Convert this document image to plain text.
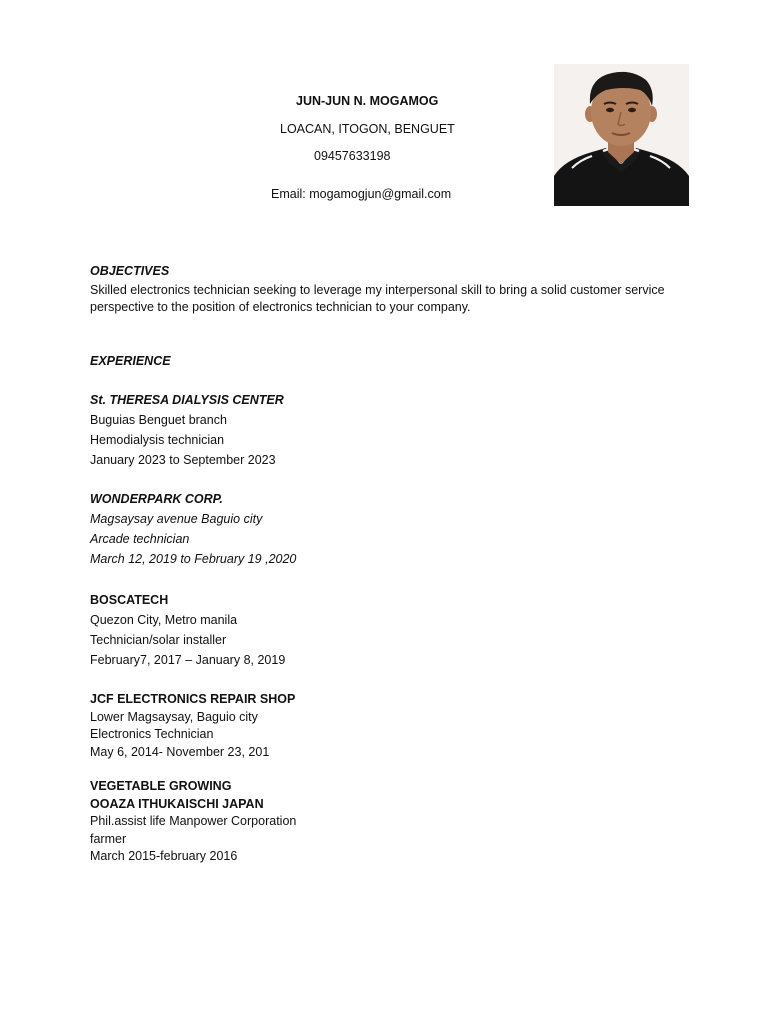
JUN-JUN N. MOGAMOG
LOACAN, ITOGON, BENGUET
09457633198
Email: mogamogjun@gmail.com
OBJECTIVES
Skilled electronics technician seeking to leverage my interpersonal skill to bring a solid customer service perspective to the position of electronics technician to your company.
EXPERIENCE
St. THERESA DIALYSIS CENTER
Buguias Benguet branch
Hemodialysis technician
January 2023 to September 2023
WONDERPARK CORP.
Magsaysay avenue Baguio city
Arcade technician
March 12, 2019 to February 19 ,2020
BOSCATECH
Quezon City, Metro manila
Technician/solar installer
February7, 2017 – January 8, 2019
JCF ELECTRONICS REPAIR SHOP
Lower Magsaysay, Baguio city
Electronics Technician
May 6, 2014- November 23, 201
VEGETABLE GROWING
OOAZA ITHUKAISCHI JAPAN
Phil.assist life Manpower Corporation
farmer
March 2015-february 2016
